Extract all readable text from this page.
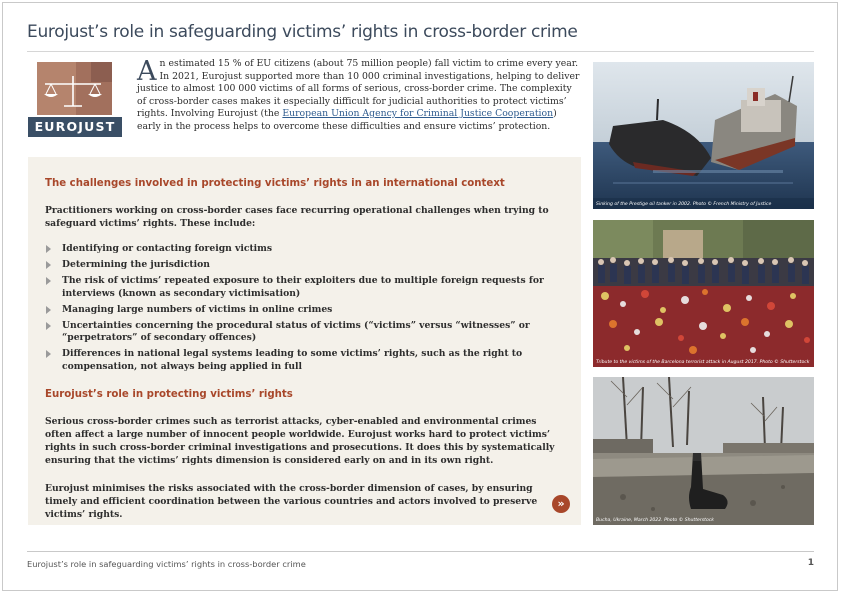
Eurojust’s role in safeguarding victims’ rights in cross-border crime
EUROJUST

An estimated 15 % of EU citizens (about 75 million people) fall victim to crime every year. In 2021, Eurojust supported more than 10 000 criminal investigations, helping to deliver justice to almost 100 000 victims of all forms of serious, cross-border crime. The complexity of cross-border cases makes it especially difficult for judicial authorities to protect victims’ rights. Involving Eurojust (the European Union Agency for Criminal Justice Cooperation) early in the process helps to overcome these difficulties and ensure victims’ protection.

The challenges involved in protecting victims’ rights in an international context

Practitioners working on cross-border cases face recurring operational challenges when trying to safeguard victims’ rights. These include:

Identifying or contacting foreign victims
Determining the jurisdiction
The risk of victims’ repeated exposure to their exploiters due to multiple foreign requests for interviews (known as secondary victimisation)
Managing large numbers of victims in online crimes
Uncertainties concerning the procedural status of victims (“victims” versus “witnesses” or “perpetrators” of secondary offences)
Differences in national legal systems leading to some victims’ rights, such as the right to compensation, not always being applied in full
Eurojust’s role in protecting victims’ rights

Serious cross-border crimes such as terrorist attacks, cyber-enabled and environmental crimes often affect a large number of innocent people worldwide. Eurojust works hard to protect victims’ rights in such cross-border criminal investigations and prosecutions. It does this by systematically ensuring that the victims’ rights dimension is considered early on and in its own right.

Eurojust minimises the risks associated with the cross-border dimension of cases, by ensuring timely and efficient coordination between the various countries and actors involved to preserve victims’ rights.

»
Sinking of the Prestige oil tanker in 2002. Photo © French Ministry of Justice
Tribute to the victims of the Barcelona terrorist attack in August 2017. Photo © Shutterstock
Bucha, Ukraine, March 2022. Photo © Shutterstock
Eurojust’s role in safeguarding victims’ rights in cross-border crime	1
